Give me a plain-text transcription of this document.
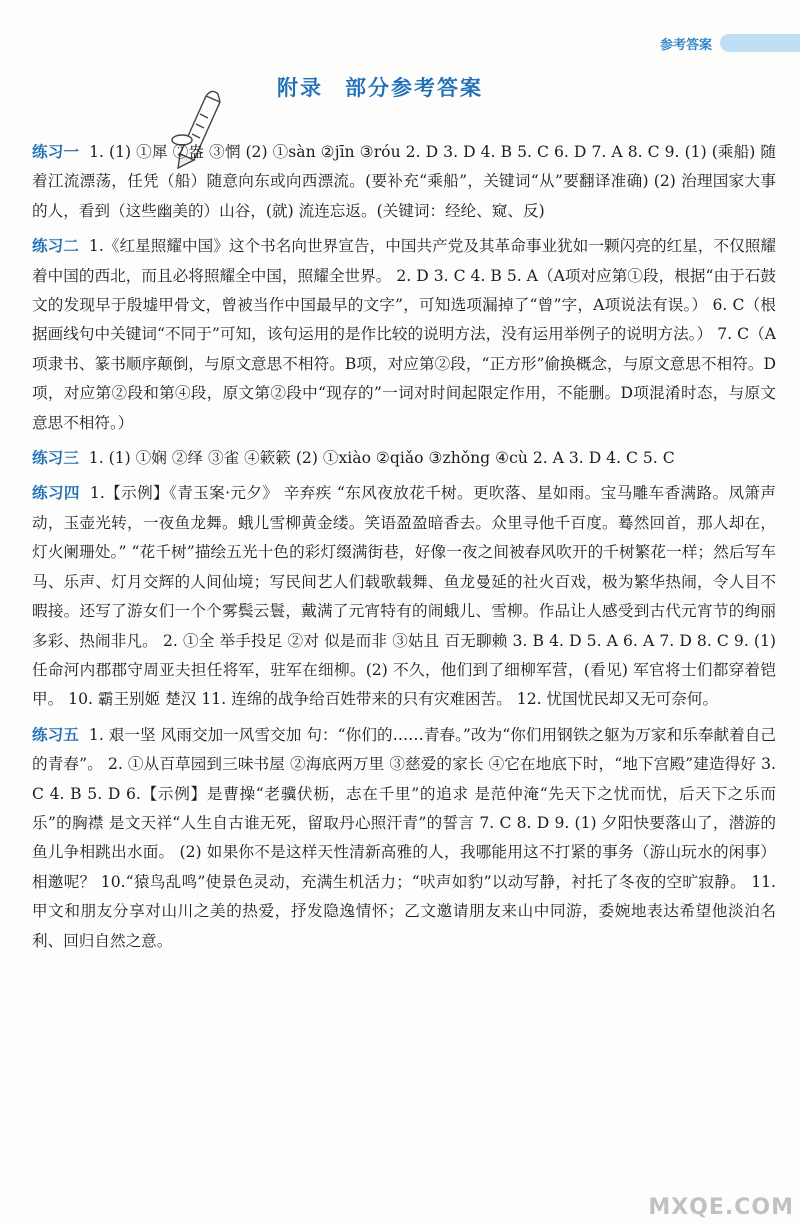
参考答案
附录 部分参考答案
练习一 1. (1) ①犀 ②盎 ③惘 (2) ①sàn ②jīn ③róu 2. D 3. D 4. B 5. C 6. D 7. A 8. C 9. (1) (乘船) 随着江流漂荡，任凭（船）随意向东或向西漂流。(要补充“乘船”，关键词“从”要翻译准确) (2) 治理国家大事的人，看到（这些幽美的）山谷，(就) 流连忘返。(关键词：经纶、窥、反)
练习二 1.《红星照耀中国》这个书名向世界宣告，中国共产党及其革命事业犹如一颗闪亮的红星，不仅照耀着中国的西北，而且必将照耀全中国，照耀全世界。 2. D 3. C 4. B 5. A（A项对应第①段，根据“由于石鼓文的发现早于殷墟甲骨文，曾被当作中国最早的文字”，可知选项漏掉了“曾”字，A项说法有误。） 6. C（根据画线句中关键词“不同于”可知，该句运用的是作比较的说明方法，没有运用举例子的说明方法。） 7. C（A项隶书、篆书顺序颠倒，与原文意思不相符。B项，对应第②段，“正方形”偷换概念，与原文意思不相符。D项，对应第②段和第④段，原文第②段中“现存的”一词对时间起限定作用，不能删。D项混淆时态，与原文意思不相符。）
练习三 1. (1) ①娴 ②绎 ③雀 ④簌簌 (2) ①xiào ②qiǎo ③zhǒng ④cù 2. A 3. D 4. C 5. C
练习四 1.【示例】《青玉案·元夕》 辛弃疾 “东风夜放花千树。更吹落、星如雨。宝马雕车香满路。凤箫声动，玉壶光转，一夜鱼龙舞。蛾儿雪柳黄金缕。笑语盈盈暗香去。众里寻他千百度。蓦然回首，那人却在，灯火阑珊处。” “花千树”描绘五光十色的彩灯缀满街巷，好像一夜之间被春风吹开的千树繁花一样；然后写车马、乐声、灯月交辉的人间仙境；写民间艺人们载歌载舞、鱼龙曼延的社火百戏，极为繁华热闹，令人目不暇接。还写了游女们一个个雾鬓云鬟，戴满了元宵特有的闹蛾儿、雪柳。作品让人感受到古代元宵节的绚丽多彩、热闹非凡。 2. ①全 举手投足 ②对 似是而非 ③姑且 百无聊赖 3. B 4. D 5. A 6. A 7. D 8. C 9. (1) 任命河内郡郡守周亚夫担任将军，驻军在细柳。(2) 不久，他们到了细柳军营，(看见) 军官将士们都穿着铠甲。 10. 霸王别姬 楚汉 11. 连绵的战争给百姓带来的只有灾难困苦。 12. 忧国忧民却又无可奈何。
练习五 1. 艰一坚 风雨交加一风雪交加 句：“你们的……青春。”改为“你们用钢铁之躯为万家和乐奉献着自己的青春”。 2. ①从百草园到三味书屋 ②海底两万里 ③慈爱的家长 ④它在地底下时，“地下宫殿”建造得好 3. C 4. B 5. D 6.【示例】是曹操“老骥伏枥，志在千里”的追求 是范仲淹“先天下之忧而忧，后天下之乐而乐”的胸襟 是文天祥“人生自古谁无死，留取丹心照汗青”的誓言 7. C 8. D 9. (1) 夕阳快要落山了，潜游的鱼儿争相跳出水面。 (2) 如果你不是这样天性清新高雅的人，我哪能用这不打紧的事务（游山玩水的闲事）相邀呢？ 10.“猿鸟乱鸣”使景色灵动，充满生机活力；“吠声如豹”以动写静，衬托了冬夜的空旷寂静。 11. 甲文和朋友分享对山川之美的热爱，抒发隐逸情怀；乙文邀请朋友来山中同游，委婉地表达希望他淡泊名利、回归自然之意。
MXQE.COM
